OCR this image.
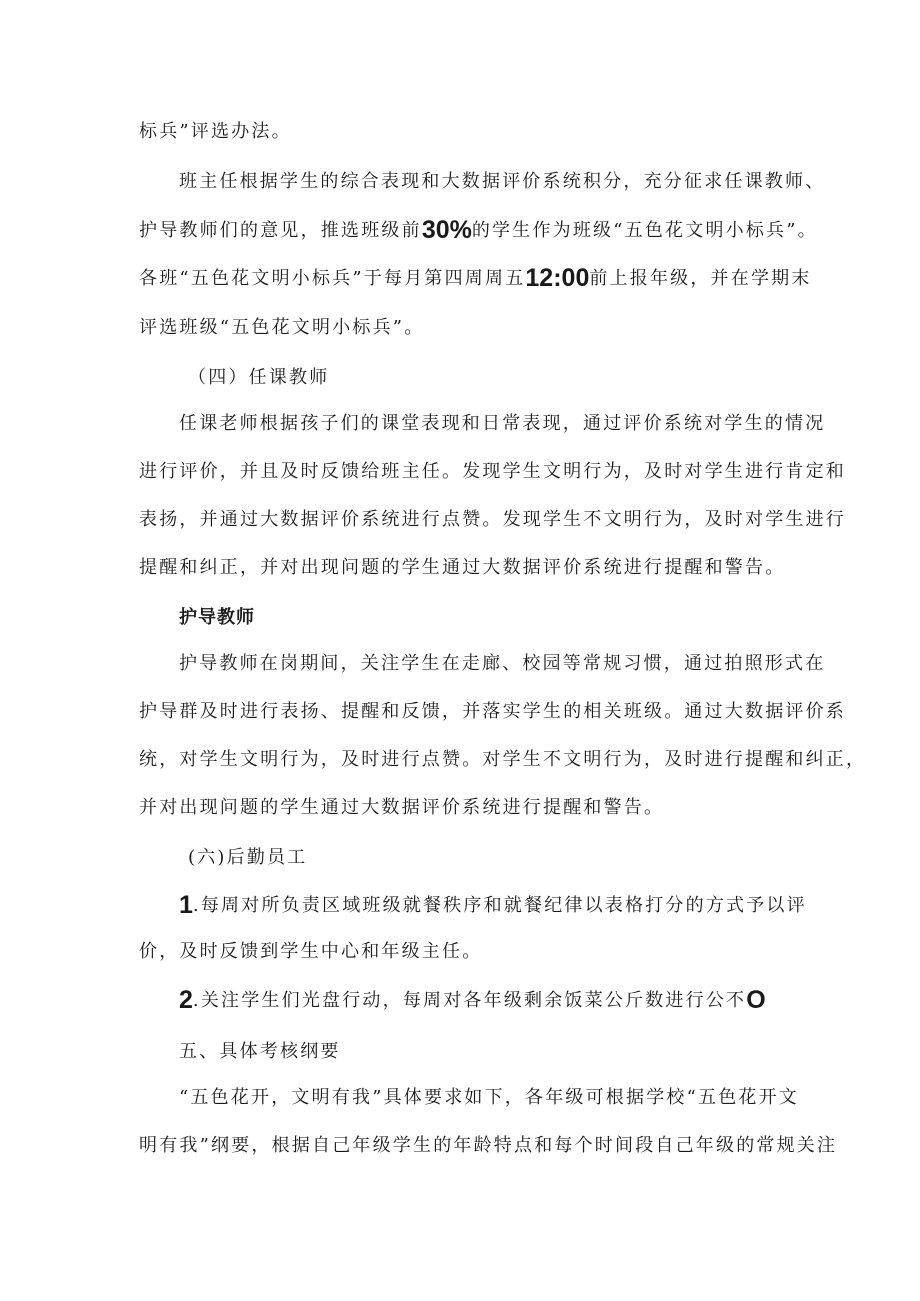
标兵”评选办法。
班主任根据学生的综合表现和大数据评价系统积分，充分征求任课教师、
护导教师们的意见，推选班级前30%的学生作为班级“五色花文明小标兵”。
各班“五色花文明小标兵”于每月第四周周五12:00前上报年级，并在学期末
评选班级“五色花文明小标兵”。
（四）任课教师
任课老师根据孩子们的课堂表现和日常表现，通过评价系统对学生的情况
进行评价，并且及时反馈给班主任。发现学生文明行为，及时对学生进行肯定和
表扬，并通过大数据评价系统进行点赞。发现学生不文明行为，及时对学生进行
提醒和纠正，并对出现问题的学生通过大数据评价系统进行提醒和警告。
护导教师
护导教师在岗期间，关注学生在走廊、校园等常规习惯，通过拍照形式在
护导群及时进行表扬、提醒和反馈，并落实学生的相关班级。通过大数据评价系
统，对学生文明行为，及时进行点赞。对学生不文明行为，及时进行提醒和纠正，
并对出现问题的学生通过大数据评价系统进行提醒和警告。
(六)后勤员工
1.每周对所负责区域班级就餐秩序和就餐纪律以表格打分的方式予以评
价，及时反馈到学生中心和年级主任。
2.关注学生们光盘行动，每周对各年级剩余饭菜公斤数进行公不O
五、具体考核纲要
“五色花开，文明有我”具体要求如下，各年级可根据学校“五色花开文
明有我”纲要，根据自己年级学生的年龄特点和每个时间段自己年级的常规关注
